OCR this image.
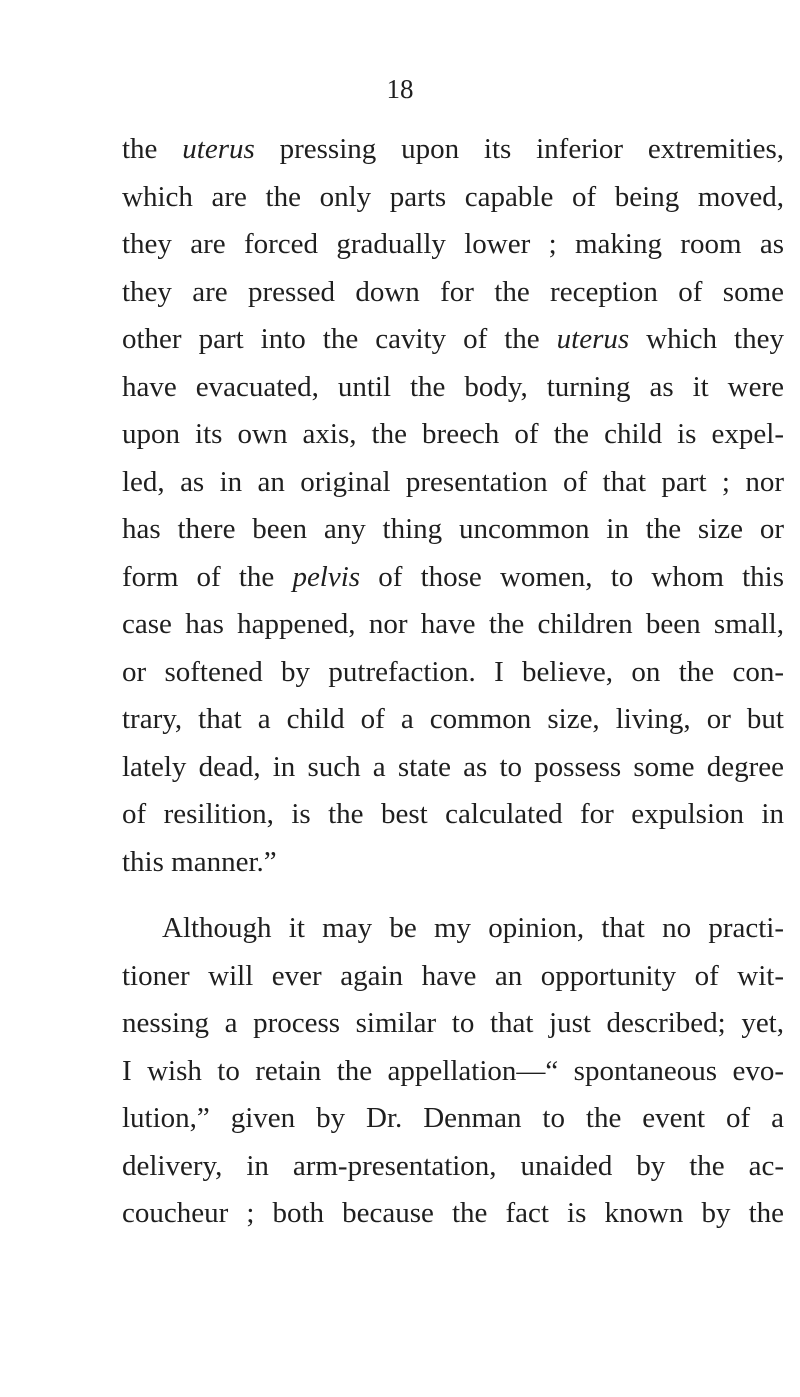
18
the uterus pressing upon its inferior extremities,
which are the only parts capable of being moved,
they are forced gradually lower ; making room as
they are pressed down for the reception of some
other part into the cavity of the uterus which they
have evacuated, until the body, turning as it were
upon its own axis, the breech of the child is expel-
led, as in an original presentation of that part ; nor
has there been any thing uncommon in the size or
form of the pelvis of those women, to whom this
case has happened, nor have the children been small,
or softened by putrefaction. I believe, on the con-
trary, that a child of a common size, living, or but
lately dead, in such a state as to possess some degree
of resilition, is the best calculated for expulsion in
this manner.”
Although it may be my opinion, that no practi-
tioner will ever again have an opportunity of wit-
nessing a process similar to that just described; yet,
I wish to retain the appellation—“ spontaneous evo-
lution,” given by Dr. Denman to the event of a
delivery, in arm-presentation, unaided by the ac-
coucheur ; both because the fact is known by the
